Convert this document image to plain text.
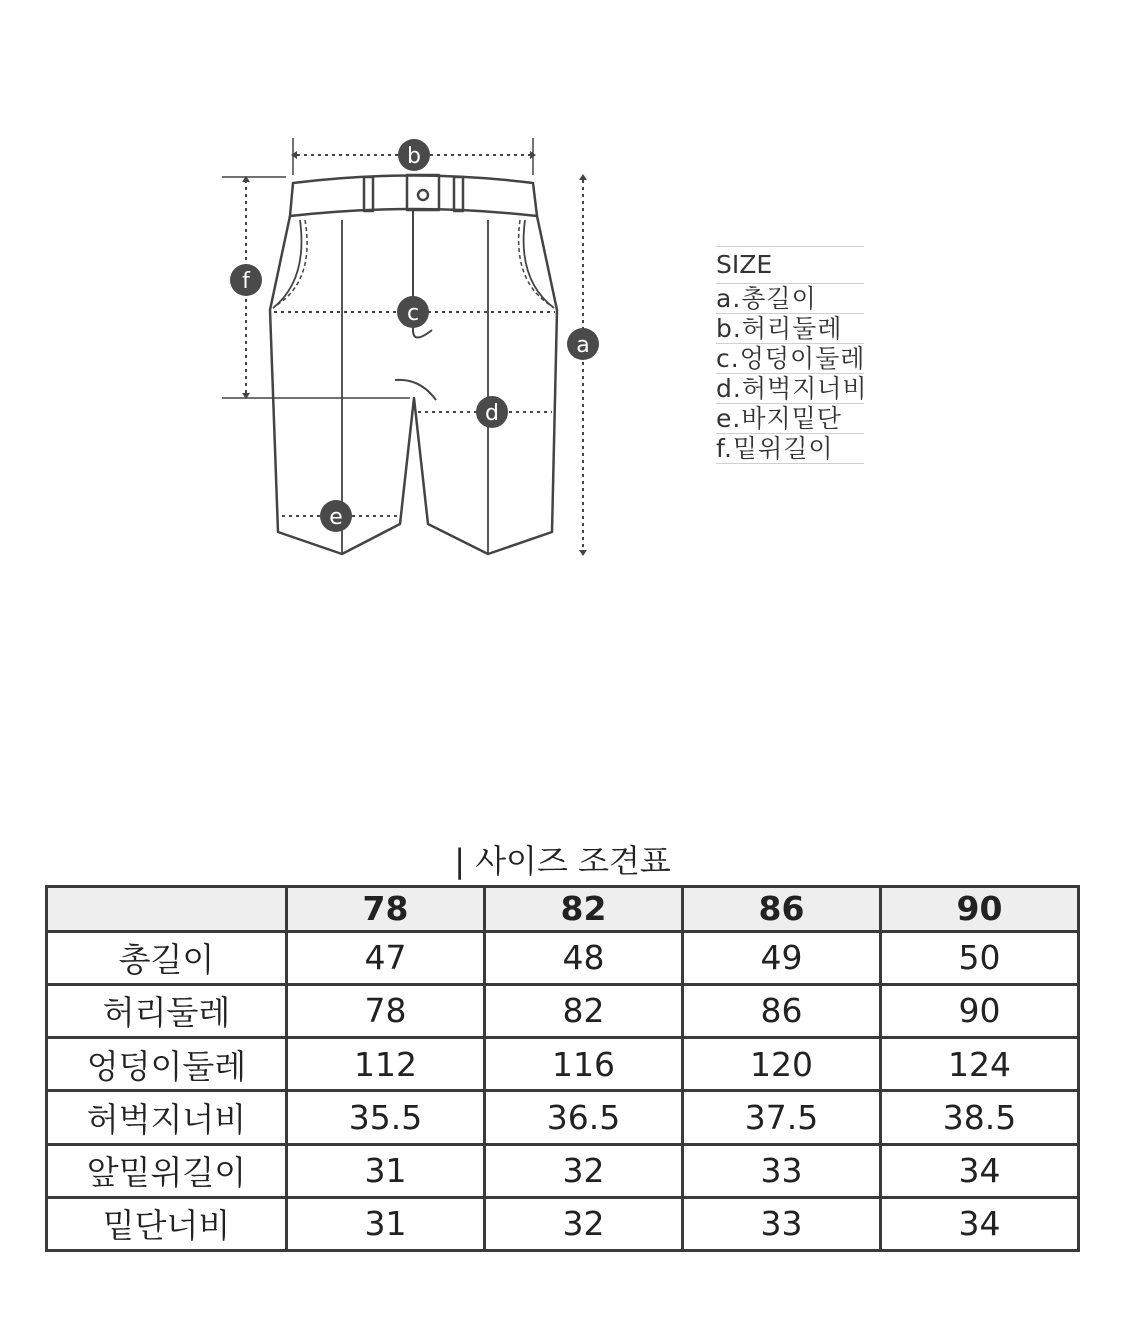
b
c
a
f
d
e
SIZE
a.총길이
b.허리둘레
c.엉덩이둘레
d.허벅지너비
e.바지밑단
f.밑위길이
| 사이즈 조견표
	78	82	86	90
총길이	47	48	49	50
허리둘레	78	82	86	90
엉덩이둘레	112	116	120	124
허벅지너비	35.5	36.5	37.5	38.5
앞밑위길이	31	32	33	34
밑단너비	31	32	33	34
